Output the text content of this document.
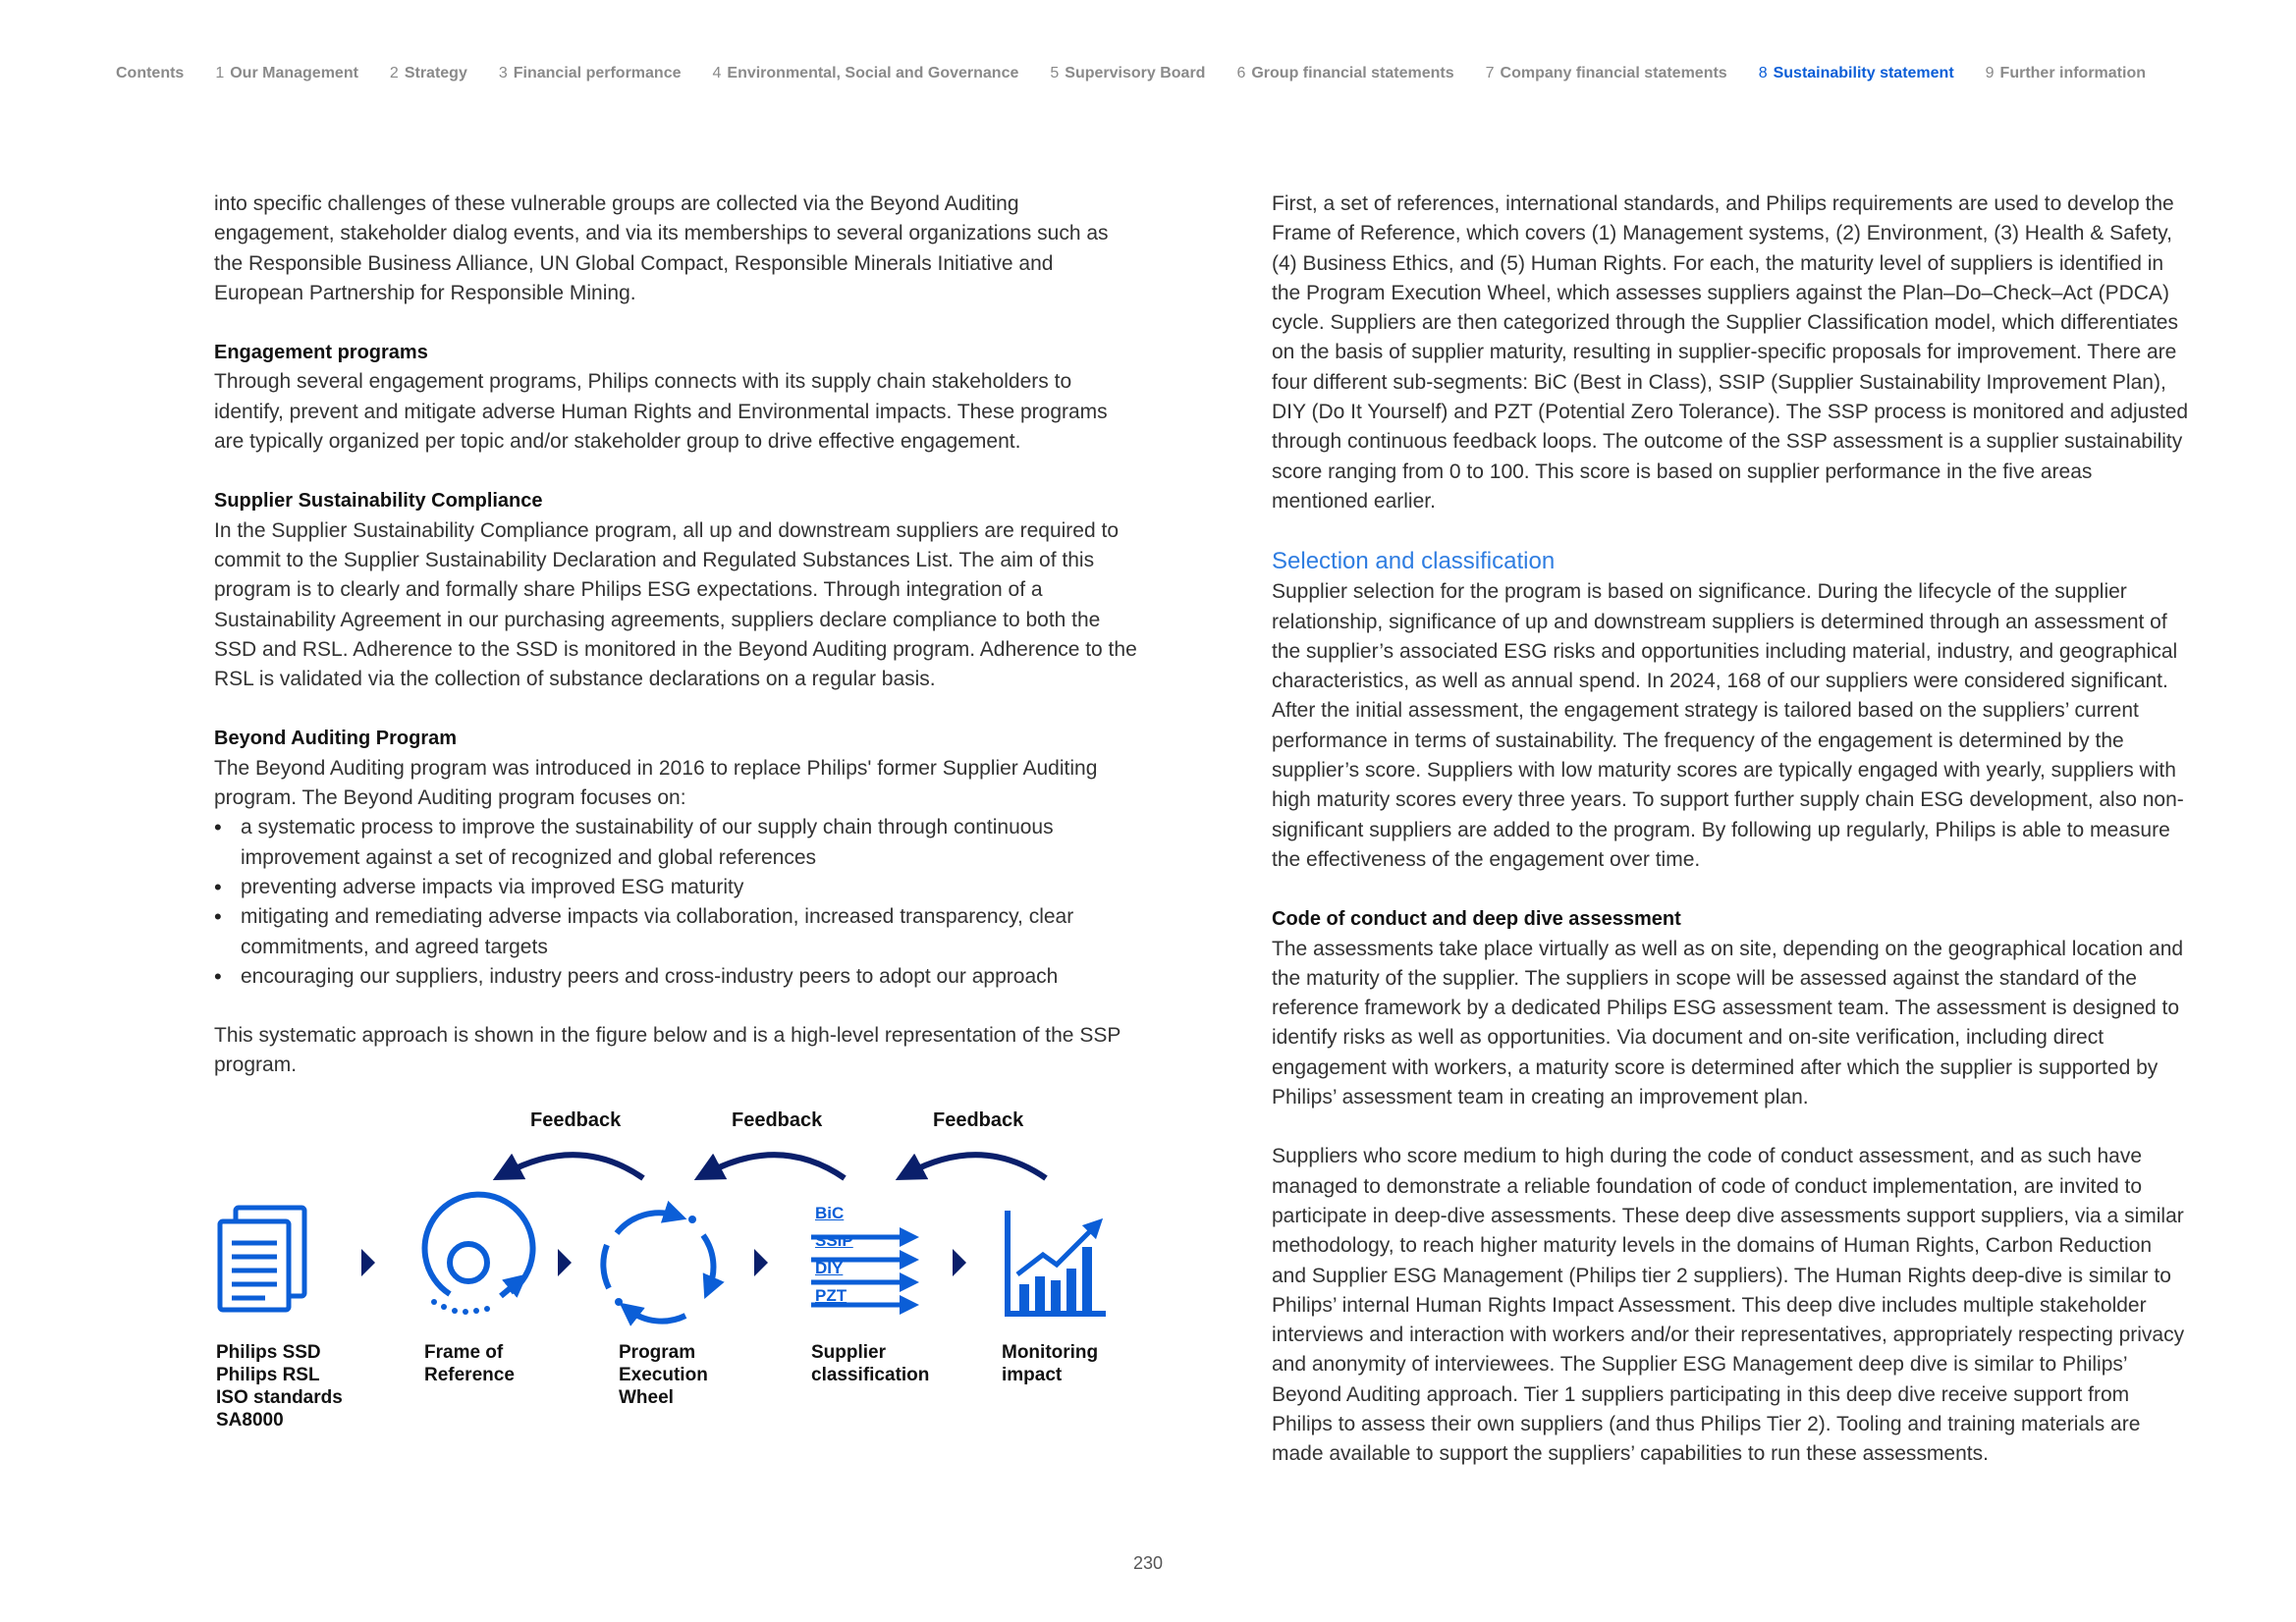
Contents 1 Our Management 2 Strategy 3 Financial performance 4 Environmental, Social and Governance 5 Supervisory Board 6 Group financial statements 7 Company financial statements 8 Sustainability statement 9 Further information

into specific challenges of these vulnerable groups are collected via the Beyond Auditing engagement, stakeholder dialog events, and via its memberships to several organizations such as the Responsible Business Alliance, UN Global Compact, Responsible Minerals Initiative and European Partnership for Responsible Mining.

Engagement programs

Through several engagement programs, Philips connects with its supply chain stakeholders to identify, prevent and mitigate adverse Human Rights and Environmental impacts. These programs are typically organized per topic and/or stakeholder group to drive effective engagement.

Supplier Sustainability Compliance

In the Supplier Sustainability Compliance program, all up and downstream suppliers are required to commit to the Supplier Sustainability Declaration and Regulated Substances List. The aim of this program is to clearly and formally share Philips ESG expectations. Through integration of a Sustainability Agreement in our purchasing agreements, suppliers declare compliance to both the SSD and RSL. Adherence to the SSD is monitored in the Beyond Auditing program. Adherence to the RSL is validated via the collection of substance declarations on a regular basis.

Beyond Auditing Program

The Beyond Auditing program was introduced in 2016 to replace Philips' former Supplier Auditing program. The Beyond Auditing program focuses on:

• a systematic process to improve the sustainability of our supply chain through continuous improvement against a set of recognized and global references
• preventing adverse impacts via improved ESG maturity
• mitigating and remediating adverse impacts via collaboration, increased transparency, clear commitments, and agreed targets
• encouraging our suppliers, industry peers and cross-industry peers to adopt our approach

This systematic approach is shown in the figure below and is a high-level representation of the SSP program.

Feedback	Feedback	Feedback
BiC
SSIP
DIY
PZT
Philips SSD
Philips RSL
ISO standards
SA8000
Frame of
Reference
Program
Execution
Wheel
Supplier
classification
Monitoring
impact

First, a set of references, international standards, and Philips requirements are used to develop the Frame of Reference, which covers (1) Management systems, (2) Environment, (3) Health & Safety, (4) Business Ethics, and (5) Human Rights. For each, the maturity level of suppliers is identified in the Program Execution Wheel, which assesses suppliers against the Plan–Do–Check–Act (PDCA) cycle. Suppliers are then categorized through the Supplier Classification model, which differentiates on the basis of supplier maturity, resulting in supplier-specific proposals for improvement. There are four different sub-segments: BiC (Best in Class), SSIP (Supplier Sustainability Improvement Plan), DIY (Do It Yourself) and PZT (Potential Zero Tolerance). The SSP process is monitored and adjusted through continuous feedback loops. The outcome of the SSP assessment is a supplier sustainability score ranging from 0 to 100. This score is based on supplier performance in the five areas mentioned earlier.

Selection and classification

Supplier selection for the program is based on significance. During the lifecycle of the supplier relationship, significance of up and downstream suppliers is determined through an assessment of the supplier’s associated ESG risks and opportunities including material, industry, and geographical characteristics, as well as annual spend. In 2024, 168 of our suppliers were considered significant. After the initial assessment, the engagement strategy is tailored based on the suppliers’ current performance in terms of sustainability. The frequency of the engagement is determined by the supplier’s score. Suppliers with low maturity scores are typically engaged with yearly, suppliers with high maturity scores every three years. To support further supply chain ESG development, also non-significant suppliers are added to the program. By following up regularly, Philips is able to measure the effectiveness of the engagement over time.

Code of conduct and deep dive assessment

The assessments take place virtually as well as on site, depending on the geographical location and the maturity of the supplier. The suppliers in scope will be assessed against the standard of the reference framework by a dedicated Philips ESG assessment team. The assessment is designed to identify risks as well as opportunities. Via document and on-site verification, including direct engagement with workers, a maturity score is determined after which the supplier is supported by Philips’ assessment team in creating an improvement plan.

Suppliers who score medium to high during the code of conduct assessment, and as such have managed to demonstrate a reliable foundation of code of conduct implementation, are invited to participate in deep-dive assessments. These deep dive assessments support suppliers, via a similar methodology, to reach higher maturity levels in the domains of Human Rights, Carbon Reduction and Supplier ESG Management (Philips tier 2 suppliers). The Human Rights deep-dive is similar to Philips’ internal Human Rights Impact Assessment. This deep dive includes multiple stakeholder interviews and interaction with workers and/or their representatives, appropriately respecting privacy and anonymity of interviewees. The Supplier ESG Management deep dive is similar to Philips’ Beyond Auditing approach. Tier 1 suppliers participating in this deep dive receive support from Philips to assess their own suppliers (and thus Philips Tier 2). Tooling and training materials are made available to support the suppliers’ capabilities to run these assessments.

230
